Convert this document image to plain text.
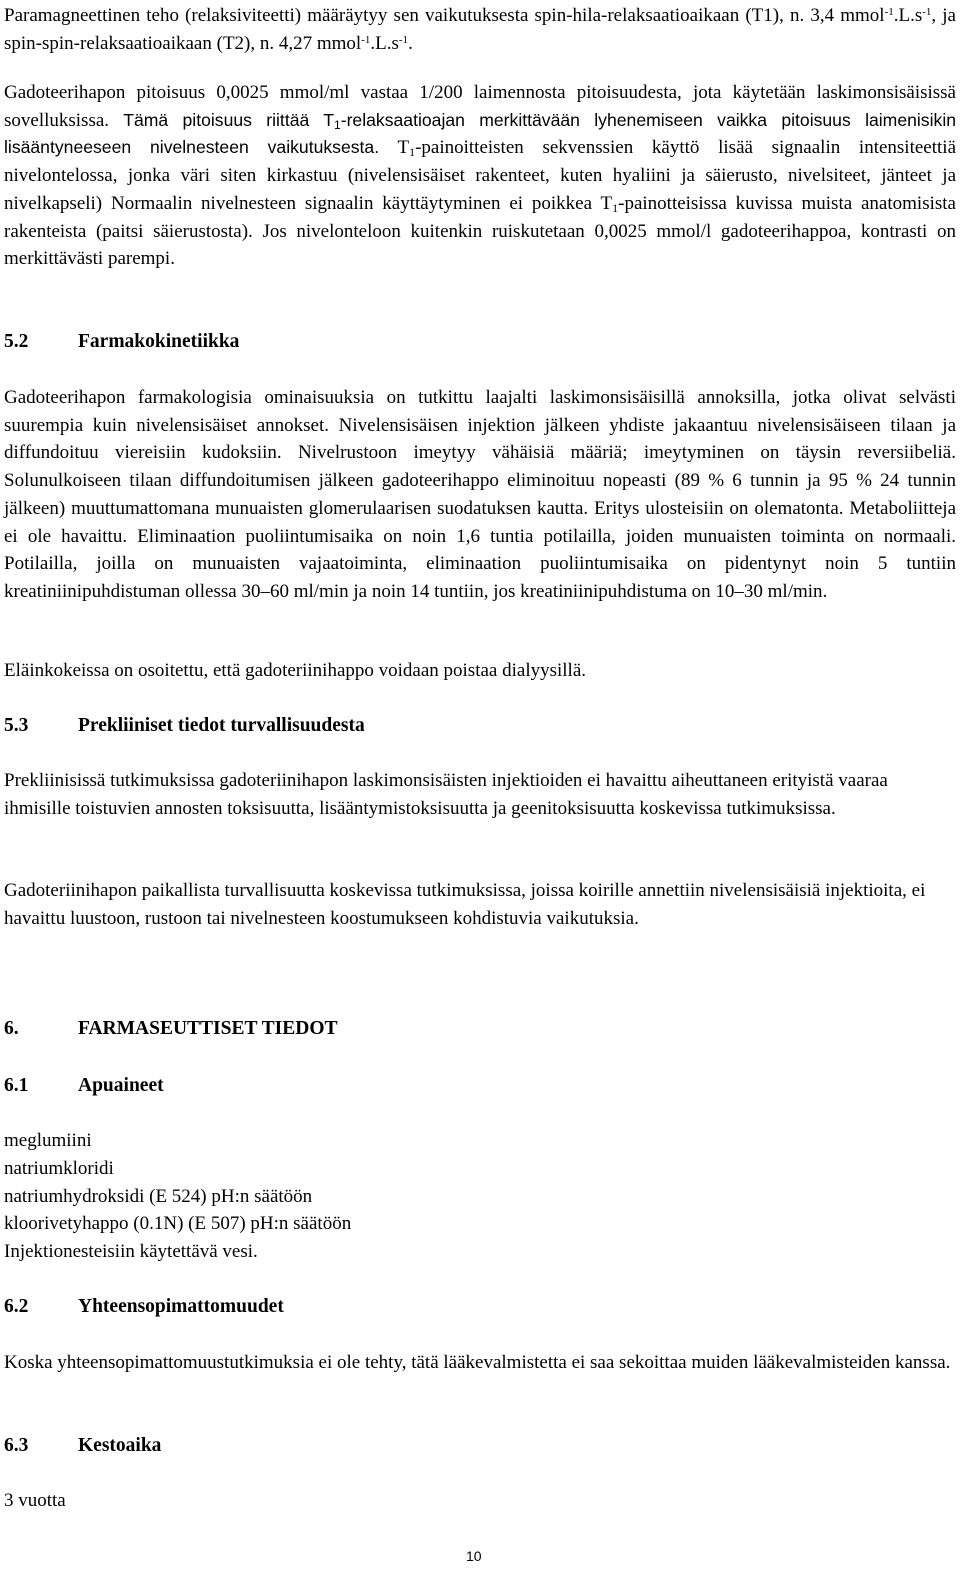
Paramagneettinen teho (relaksiviteetti) määräytyy sen vaikutuksesta spin-hila-relaksaatioaikaan (T1), n. 3,4 $mmol^{-1}.L.s^{-1}$, ja spin-spin-relaksaatioaikaan (T2), n. 4,27 $mmol^{-1}.L.s^{-1}$.

Gadoteerihapon pitoisuus 0,0025 mmol/ml vastaa 1/200 laimennosta pitoisuudesta, jota käytetään laskimonsisäisissä sovelluksissa. Tämä pitoisuus riittää $T_1$-relaksaatioajan merkittävään lyhenemiseen vaikka pitoisuus laimenisikin lisääntyneeseen nivelnesteen vaikutuksesta. $T_1$-painoitteisten sekvenssien käyttö lisää signaalin intensiteettiä nivelontelossa, jonka väri siten kirkastuu (nivelensisäiset rakenteet, kuten hyaliini ja säierusto, nivelsiteet, jänteet ja nivelkapseli) Normaalin nivelnesteen signaalin käyttäytyminen ei poikkea $T_1$-painotteisissa kuvissa muista anatomisista rakenteista (paitsi säierustosta). Jos nivelonteloon kuitenkin ruiskutetaan 0,0025 mmol/l gadoteerihappoa, kontrasti on merkittävästi parempi.

5.2	Farmakokinetiikka

Gadoteerihapon farmakologisia ominaisuuksia on tutkittu laajalti laskimonsisäisillä annoksilla, jotka olivat selvästi suurempia kuin nivelensisäiset annokset. Nivelensisäisen injektion jälkeen yhdiste jakaantuu nivelensisäiseen tilaan ja diffundoituu viereisiin kudoksiin. Nivelrustoon imeytyy vähäisiä määriä; imeytyminen on täysin reversiibeliä. Solunulkoiseen tilaan diffundoitumisen jälkeen gadoteerihappo eliminoituu nopeasti (89 % 6 tunnin ja 95 % 24 tunnin jälkeen) muuttumattomana munuaisten glomerulaarisen suodatuksen kautta. Eritys ulosteisiin on olematonta. Metaboliitteja ei ole havaittu. Eliminaation puoliintumisaika on noin 1,6 tuntia potilailla, joiden munuaisten toiminta on normaali. Potilailla, joilla on munuaisten vajaatoiminta, eliminaation puoliintumisaika on pidentynyt noin 5 tuntiin kreatiniinipuhdistuman ollessa 30–60 ml/min ja noin 14 tuntiin, jos kreatiniinipuhdistuma on 10–30 ml/min.

Eläinkokeissa on osoitettu, että gadoteriinihappo voidaan poistaa dialyysillä.
5.3	Prekliiniset tiedot turvallisuudesta

Prekliinisissä tutkimuksissa gadoteriinihapon laskimonsisäisten injektioiden ei havaittu aiheuttaneen erityistä vaaraa ihmisille toistuvien annosten toksisuutta, lisääntymistoksisuutta ja geenitoksisuutta koskevissa tutkimuksissa.

Gadoteriinihapon paikallista turvallisuutta koskevissa tutkimuksissa, joissa koirille annettiin nivelensisäisiä injektioita, ei havaittu luustoon, rustoon tai nivelnesteen koostumukseen kohdistuvia vaikutuksia.

6.	FARMASEUTTISET TIEDOT
6.1	Apuaineet
meglumiini
natriumkloridi
natriumhydroksidi (E 524) pH:n säätöön
kloorivetyhappo (0.1N) (E 507) pH:n säätöön
Injektionesteisiin käytettävä vesi.
6.2	Yhteensopimattomuudet

Koska yhteensopimattomuustutkimuksia ei ole tehty, tätä lääkevalmistetta ei saa sekoittaa muiden lääkevalmisteiden kanssa.

6.3	Kestoaika
3 vuotta
10
